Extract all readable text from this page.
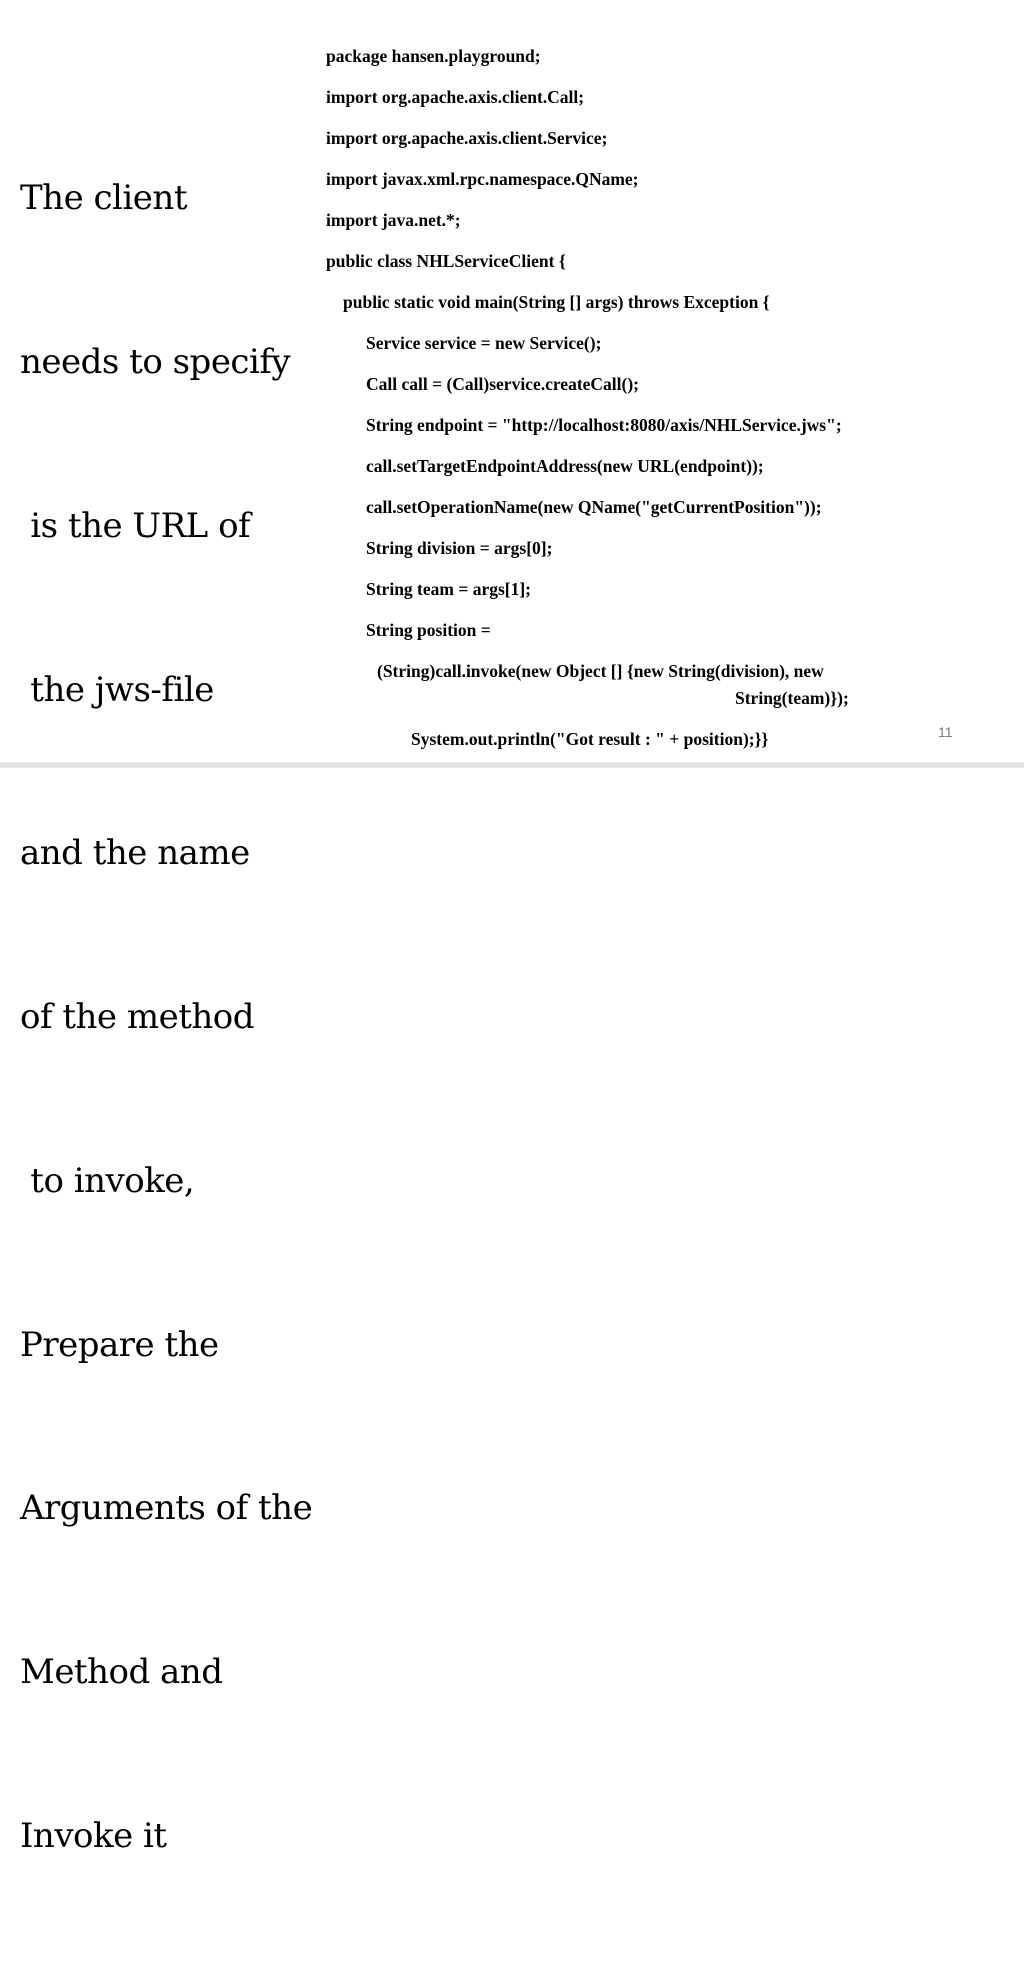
The client

needs to specify

is the URL of

the jws-file

and the name

of the method

to invoke,

Prepare the

Arguments of the

Method and

Invoke it

package hansen.playground;

import org.apache.axis.client.Call;

import org.apache.axis.client.Service;

import javax.xml.rpc.namespace.QName;

import java.net.*;

public class NHLServiceClient {

public static void main(String [] args) throws Exception {

Service service = new Service();

Call call = (Call)service.createCall();

String endpoint = "http://localhost:8080/axis/NHLService.jws";

call.setTargetEndpointAddress(new URL(endpoint));

call.setOperationName(new QName("getCurrentPosition"));

String division = args[0];

String team = args[1];

String position =

(String)call.invoke(new Object [] {new String(division), new

String(team)});

System.out.println("Got result : " + position);}}

	11
